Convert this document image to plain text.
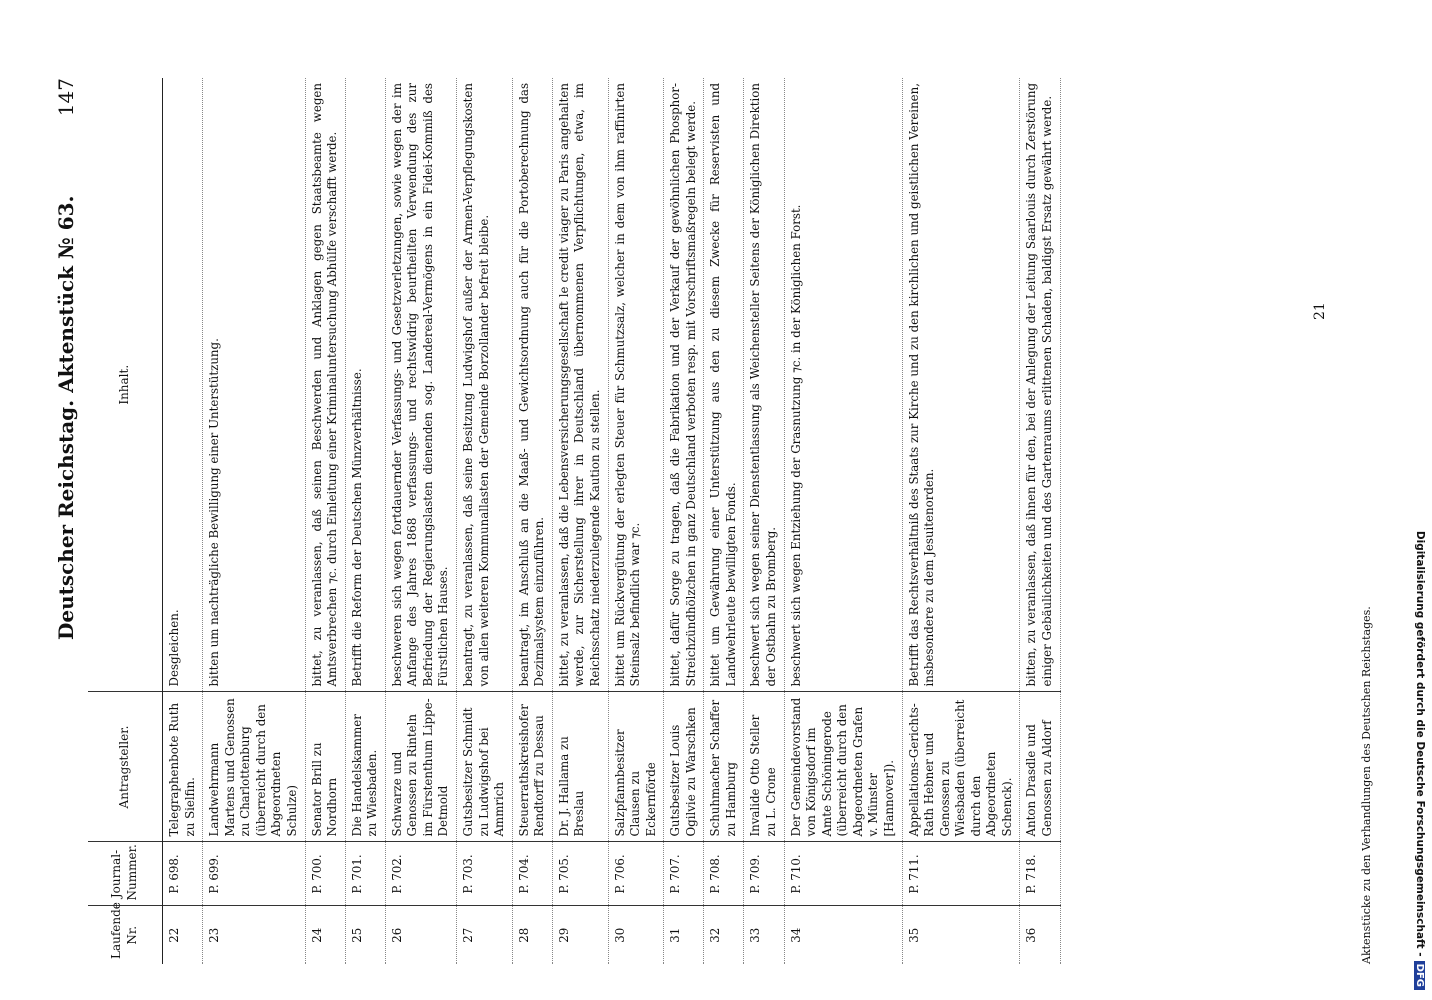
Digitalisierung gefördert durch die Deutsche Forschungsgemeinschaft -
DFG
Deutscher Reichstag. Aktenstück № 63.
147
Laufende Nr.	Journal-Nummer.	Antragsteller.	Inhalt.
22	P. 698.	Telegraphenbote Ruth zu Sielfin.	Desgleichen.
23	P. 699.	Landwehrmann Martens und Genossen zu Charlottenburg (überreicht durch den Abgeordneten Schulze)	bitten um nachträgliche Bewilligung einer Unterstützung.
24	P. 700.	Senator Brill zu Nordhorn	bittet, zu veranlassen, daß seinen Beschwerden und Anklagen gegen Staatsbeamte wegen Amtsverbrechen ⁊c. durch Einleitung einer Kriminaluntersuchung Abhülfe verschafft werde.
25	P. 701.	Die Handelskammer zu Wiesbaden.	Betrifft die Reform der Deutschen Münzverhältnisse.
26	P. 702.	Schwarze und Genossen zu Rinteln im Fürstenthum Lippe-Detmold	beschweren sich wegen fortdauernder Verfassungs- und Gesetzverletzungen, sowie wegen der im Anfange des Jahres 1868 verfassungs- und rechtswidrig beurtheilten Verwendung des zur Befriedung der Regierungslasten dienenden sog. Landereal-Vermögens in ein Fidei-Kommiß des Fürstlichen Hauses.
27	P. 703.	Gutsbesitzer Schmidt zu Ludwigshof bei Ammrich	beantragt, zu veranlassen, daß seine Besitzung Ludwigshof außer der Armen-Verpflegungskosten von allen weiteren Kommunallasten der Gemeinde Borzollander befreit bleibe.
28	P. 704.	Steuerrathskreishofer Rendtorff zu Dessau	beantragt, im Anschluß an die Maaß- und Gewichtsordnung auch für die Portoberechnung das Dezimalsystem einzuführen.
29	P. 705.	Dr. J. Hallama zu Breslau	bittet, zu veranlassen, daß die Lebensversicherungsgesellschaft le credit viager zu Paris angehalten werde, zur Sicherstellung ihrer in Deutschland übernommenen Verpflichtungen, etwa, im Reichsschatz niederzulegende Kaution zu stellen.
30	P. 706.	Salzpfannbesitzer Clausen zu Eckernförde	bittet um Rückvergütung der erlegten Steuer für Schmutzsalz, welcher in dem von ihm raffinirten Steinsalz befindlich war ⁊c.
31	P. 707.	Gutsbesitzer Louis Ogilvie zu Warschken	bittet, dafür Sorge zu tragen, daß die Fabrikation und der Verkauf der gewöhnlichen Phosphor-Streichzündhölzchen in ganz Deutschland verboten resp. mit Vorschriftsmaßregeln belegt werde.
32	P. 708.	Schuhmacher Schaffer zu Hamburg	bittet um Gewährung einer Unterstützung aus den zu diesem Zwecke für Reservisten und Landwehrleute bewilligten Fonds.
33	P. 709.	Invalide Otto Steller zu L. Crone	beschwert sich wegen seiner Dienstentlassung als Weichensteller Seitens der Königlichen Direktion der Ostbahn zu Bromberg.
34	P. 710.	Der Gemeindevorstand von Königsdorf im Amte Schöningerode (überreicht durch den Abgeordneten Grafen v. Münster [Hannover]).	beschwert sich wegen Entziehung der Grasnutzung ⁊c. in der Königlichen Forst.
35	P. 711.	Appellations-Gerichts-Rath Hebner und Genossen zu Wiesbaden (überreicht durch den Abgeordneten Schenck).	Betrifft das Rechtsverhältniß des Staats zur Kirche und zu den kirchlichen und geistlichen Vereinen, insbesondere zu dem Jesuitenorden.
36	P. 718.	Anton Drasdle und Genossen zu Aldorf	bitten, zu veranlassen, daß ihnen für den, bei der Anlegung der Leitung Saarlouis durch Zerstörung einiger Gebäulichkeiten und des Gartenraums erlittenen Schaden, baldigst Ersatz gewährt werde.	21
Aktenstücke zu den Verhandlungen des Deutschen Reichstages.
